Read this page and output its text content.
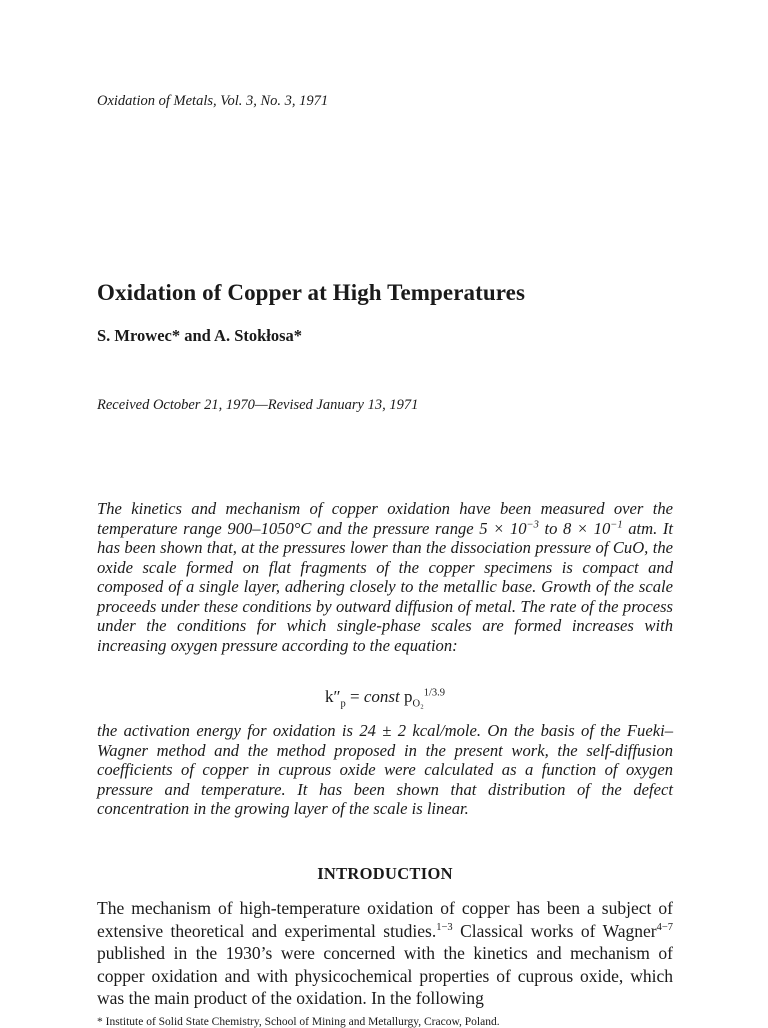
Oxidation of Metals, Vol. 3, No. 3, 1971
Oxidation of Copper at High Temperatures
S. Mrowec* and A. Stokłosa*
Received October 21, 1970—Revised January 13, 1971

The kinetics and mechanism of copper oxidation have been measured over the temperature range 900–1050°C and the pressure range $5 \times 10^{-3}$ to $8 \times 10^{-1}$ atm. It has been shown that, at the pressures lower than the dissociation pressure of CuO, the oxide scale formed on flat fragments of the copper specimens is compact and composed of a single layer, adhering closely to the metallic base. Growth of the scale proceeds under these conditions by outward diffusion of metal. The rate of the process under the conditions for which single-phase scales are formed increases with increasing oxygen pressure according to the equation:

$k''_p$ = const $p_{O_2}^{1/3.9}$

the activation energy for oxidation is 24 ± 2 kcal/mole. On the basis of the Fueki–Wagner method and the method proposed in the present work, the self-diffusion coefficients of copper in cuprous oxide were calculated as a function of oxygen pressure and temperature. It has been shown that distribution of the defect concentration in the growing layer of the scale is linear.

INTRODUCTION

The mechanism of high-temperature oxidation of copper has been a subject of extensive theoretical and experimental studies.$^{1-3}$ Classical works of Wagner$^{4-7}$ published in the 1930’s were concerned with the kinetics and mechanism of copper oxidation and with physicochemical properties of cuprous oxide, which was the main product of the oxidation. In the following

* Institute of Solid State Chemistry, School of Mining and Metallurgy, Cracow, Poland.
